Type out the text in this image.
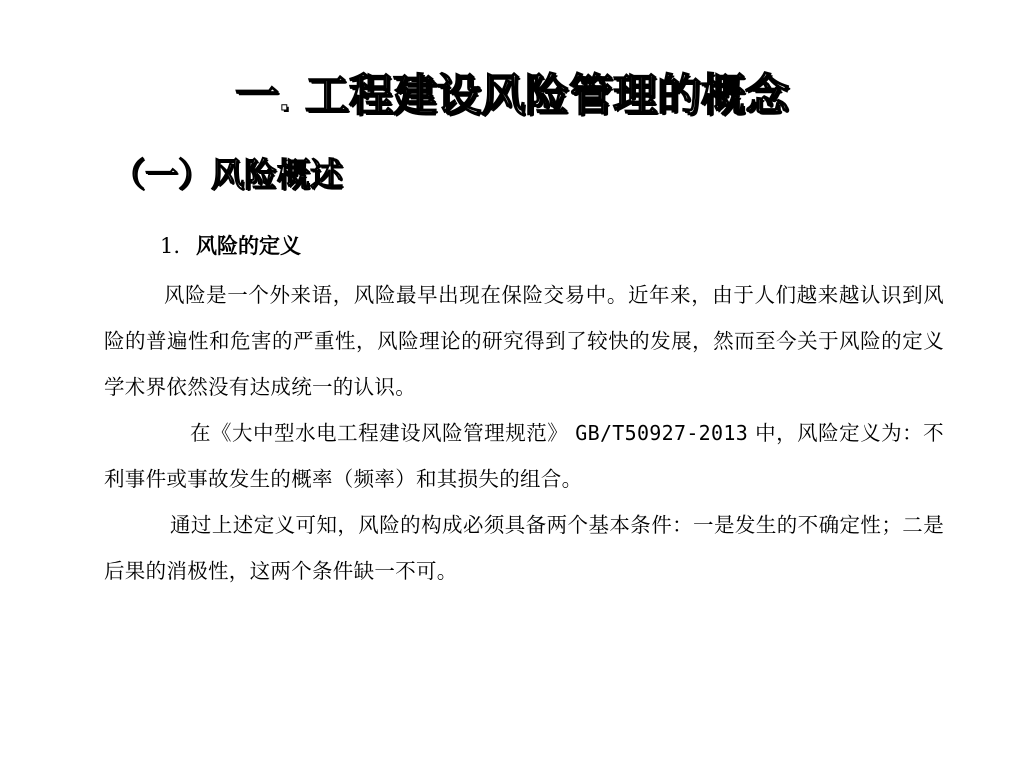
一. 工程建设风险管理的概念
（一）风险概述
1. 风险的定义
风险是一个外来语，风险最早出现在保险交易中。近年来，由于人们越来越认识到风险的普遍性和危害的严重性，风险理论的研究得到了较快的发展，然而至今关于风险的定义学术界依然没有达成统一的认识。
在《大中型水电工程建设风险管理规范》 GB/T50927-2013 中，风险定义为：不利事件或事故发生的概率（频率）和其损失的组合。
通过上述定义可知，风险的构成必须具备两个基本条件：一是发生的不确定性；二是后果的消极性，这两个条件缺一不可。
